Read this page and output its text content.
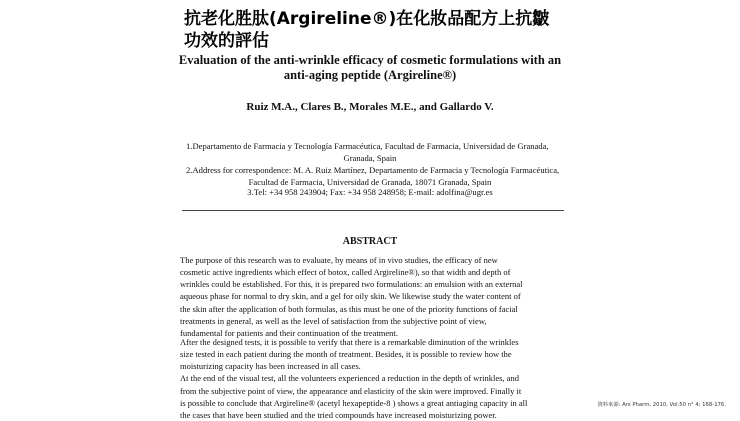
抗老化胜肽(Argireline®)在化妝品配方上抗皺
功效的評估
Evaluation of the anti-wrinkle efficacy of cosmetic formulations with an
anti-aging peptide (Argireline®)
Ruiz M.A., Clares B., Morales M.E., and Gallardo V.
1.Departamento de Farmacia y Tecnología Farmacéutica, Facultad de Farmacia, Universidad de Granada,
Granada, Spain
2.Address for correspondence: M. A. Ruiz Martínez, Departamento de Farmacia y Tecnología Farmacéutica,
Facultad de Farmacia, Universidad de Granada, 18071 Granada, Spain
3.Tel: +34 958 243904; Fax: +34 958 248958; E-mail: adolfina@ugr.es
ABSTRACT
The purpose of this research was to evaluate, by means of in vivo studies, the efficacy of new
cosmetic active ingredients which effect of botox, called Argireline®), so that width and depth of
wrinkles could be established. For this, it is prepared two formulations: an emulsion with an external
aqueous phase for normal to dry skin, and a gel for oily skin. We likewise study the water content of
the skin after the application of both formulas, as this must be one of the priority functions of facial
treatments in general, as well as the level of satisfaction from the subjective point of view,
fundamental for patients and their continuation of the treatment.
After the designed tests, it is possible to verify that there is a remarkable diminution of the wrinkles
size tested in each patient during the month of treatment. Besides, it is possible to review how the
moisturizing capacity has been increased in all cases.
At the end of the visual test, all the volunteers experienced a reduction in the depth of wrinkles, and
from the subjective point of view, the appearance and elasticity of the skin were improved. Finally it
is possible to conclude that Argireline® (acetyl hexapeptide-8 ) shows a great antiaging capacity in all
the cases that have been studied and the tried compounds have increased moisturizing power.
資料來源: Ars Pharm, 2010, Vol.50 n° 4; 168-176.
